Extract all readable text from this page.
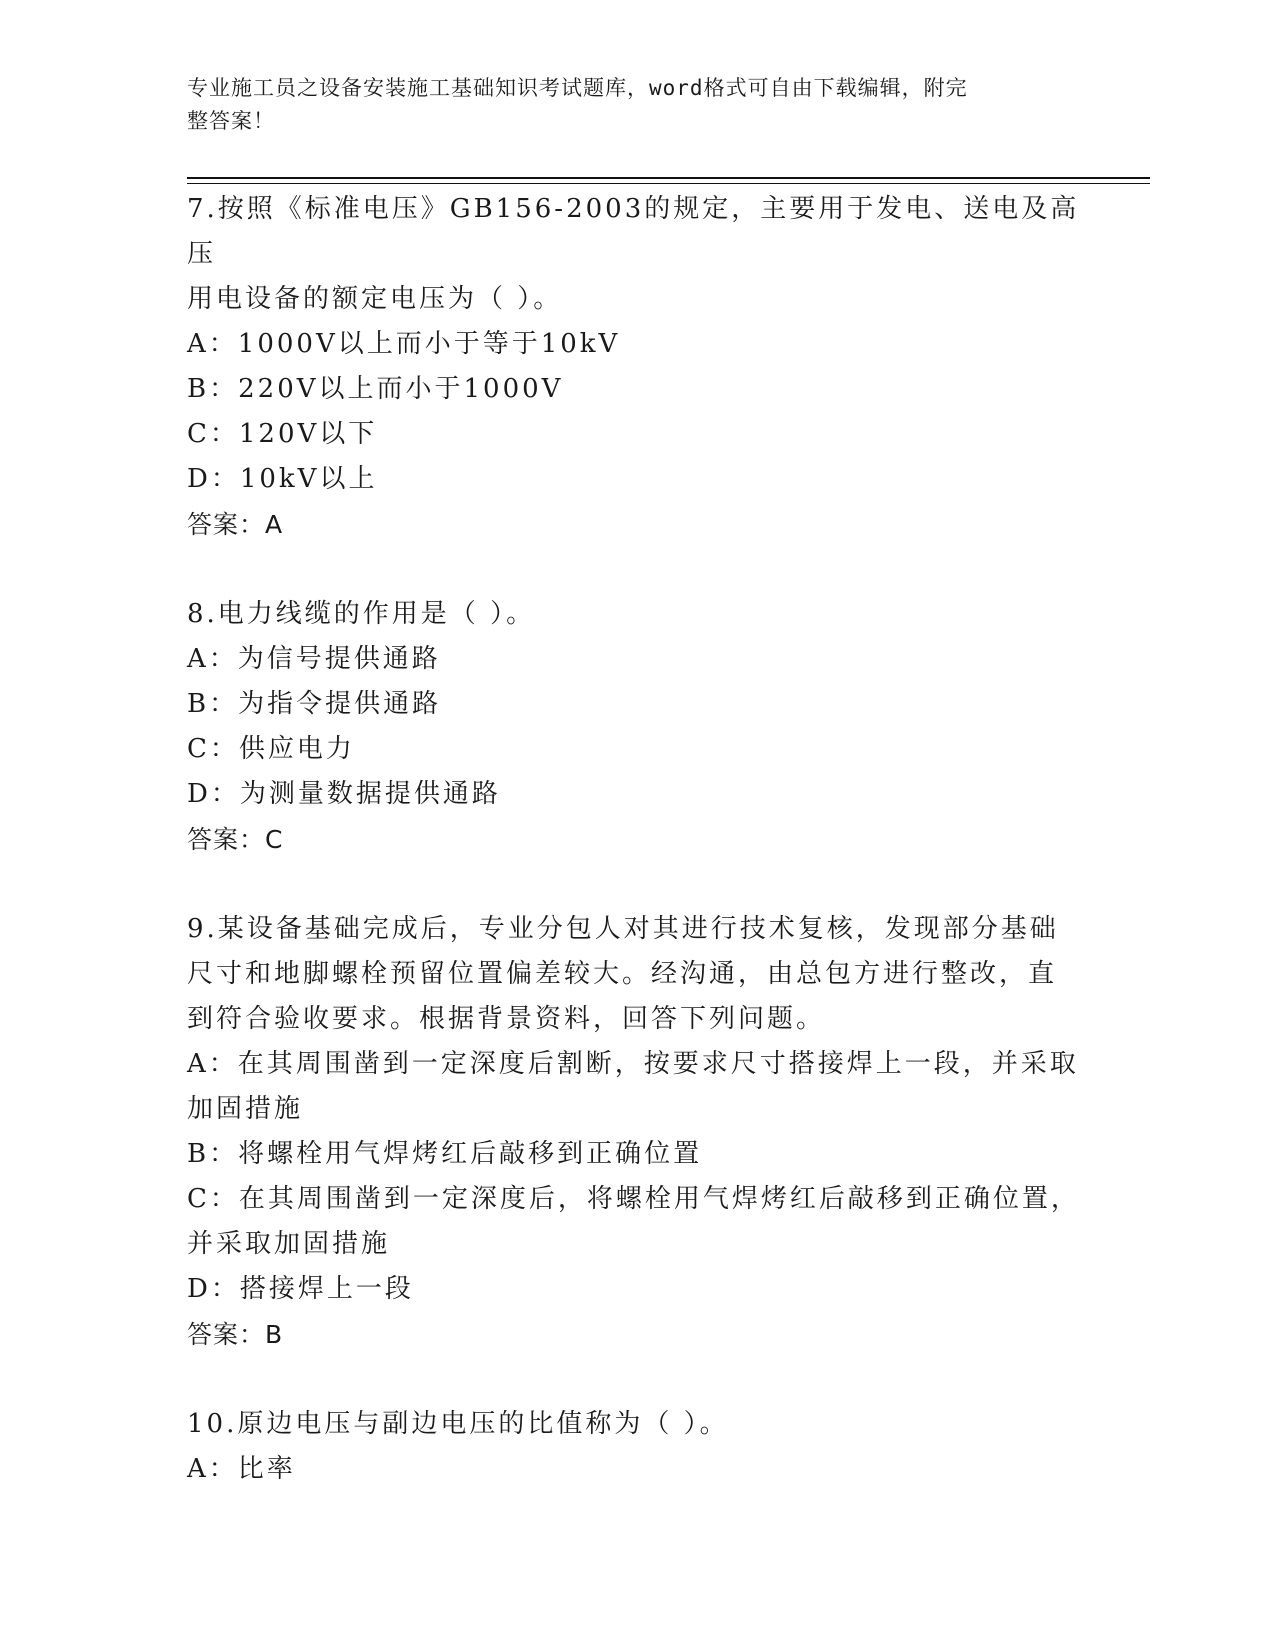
专业施工员之设备安装施工基础知识考试题库，word格式可自由下载编辑，附完
整答案！
7.按照《标准电压》GB156-2003的规定，主要用于发电、送电及高压
用电设备的额定电压为（ ）。
A：1000V以上而小于等于10kV
B：220V以上而小于1000V
C：120V以下
D：10kV以上
答案：A
8.电力线缆的作用是（ ）。
A：为信号提供通路
B：为指令提供通路
C：供应电力
D：为测量数据提供通路
答案：C
9.某设备基础完成后，专业分包人对其进行技术复核，发现部分基础
尺寸和地脚螺栓预留位置偏差较大。经沟通，由总包方进行整改，直
到符合验收要求。根据背景资料，回答下列问题。
A：在其周围凿到一定深度后割断，按要求尺寸搭接焊上一段，并采取
加固措施
B：将螺栓用气焊烤红后敲移到正确位置
C：在其周围凿到一定深度后，将螺栓用气焊烤红后敲移到正确位置，
并采取加固措施
D：搭接焊上一段
答案：B
10.原边电压与副边电压的比值称为（ ）。
A：比率
